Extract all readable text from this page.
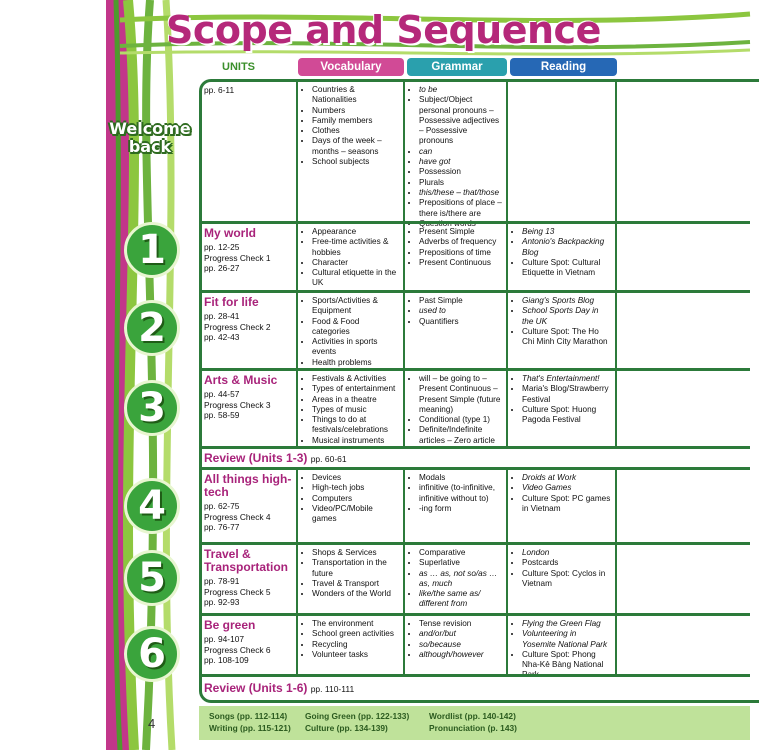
Scope and Sequence
UNITS	Vocabulary	Grammar	Reading
pp. 6-11
•	Countries & Nationalities
• Numbers
• Family members
• Clothes
• Days of the week – months – seasons
• School subjects
• to be
• Subject/Object personal pronouns – Possessive adjectives – Possessive pronouns
• can
• have got
• Possession
• Plurals
• this/these – that/those
• Prepositions of place – there is/there are
•
My world
pp. 12-25
Progress Check 1
pp. 26-27
• Appearance
• Free-time activities & hobbies
• Character
• Cultural etiquette in the UK
• Present Simple
• Adverbs of frequency
• Prepositions of time
• Present Continuous
• Being 13
• Antonio's Backpacking Blog
• Culture Spot: Cultural Etiquette in Vietnam
Fit for life
pp. 28-41
Progress Check 2
pp. 42-43
• Sports/Activities & Equipment
• Food & Food categories
• Activities in sports events
• Health problems
• Past Simple
• used to
• Quantifiers
• Giang's Sports Blog
• School Sports Day in the UK
• Culture Spot: The Ho Chi Minh City Marathon
Arts & Music
pp. 44-57
Progress Check 3
pp. 58-59
• Festivals & Activities
• Types of entertainment
• Areas in a theatre
• Types of music
• Things to do at festivals/celebrations
• Musical instruments
• will – be going to – Present Continuous – Present Simple (future meaning)
• Conditional (type 1)
• Definite/Indefinite articles – Zero article
• That's Entertainment!
• Maria's Blog/Strawberry Festival
• Culture Spot: Huong Pagoda Festival
Review (Units 1-3) pp. 60-61
All things high-tech
pp. 62-75
Progress Check 4
pp. 76-77
• Devices
• High-tech jobs
• Computers
• Video/PC/Mobile games
• Modals
• infinitive (to-infinitive, infinitive without to)
• -ing form
• Droids at Work
• Video Games
• Culture Spot: PC games in Vietnam
Travel & Transportation
pp. 78-91
Progress Check 5
pp. 92-93
• Shops & Services
• Transportation in the future
• Travel & Transport
• Wonders of the World
• Comparative
• Superlative
• as … as, not so/as … as, much
• like/the same as/ different from
• London
• Postcards
• Culture Spot: Cyclos in Vietnam
Be green
pp. 94-107
Progress Check 6
pp. 108-109
• The environment
• School green activities
• Recycling
• Volunteer tasks
• Tense revision
• and/or/but
• so/because
• although/however
• Flying the Green Flag
• Volunteering in Yosemite National Park
• Culture Spot: Phong Nha-Kẻ Bàng National
Review (Units 1-6) pp. 110-111
Welcome back
1
2
3
4
5
6
Songs (pp. 112-114)
Writing (pp. 115-121)
Going Green (pp. 122-133)
Culture (pp. 134-139)
Wordlist (pp. 140-142)
Pronunciation (p. 143)
4
